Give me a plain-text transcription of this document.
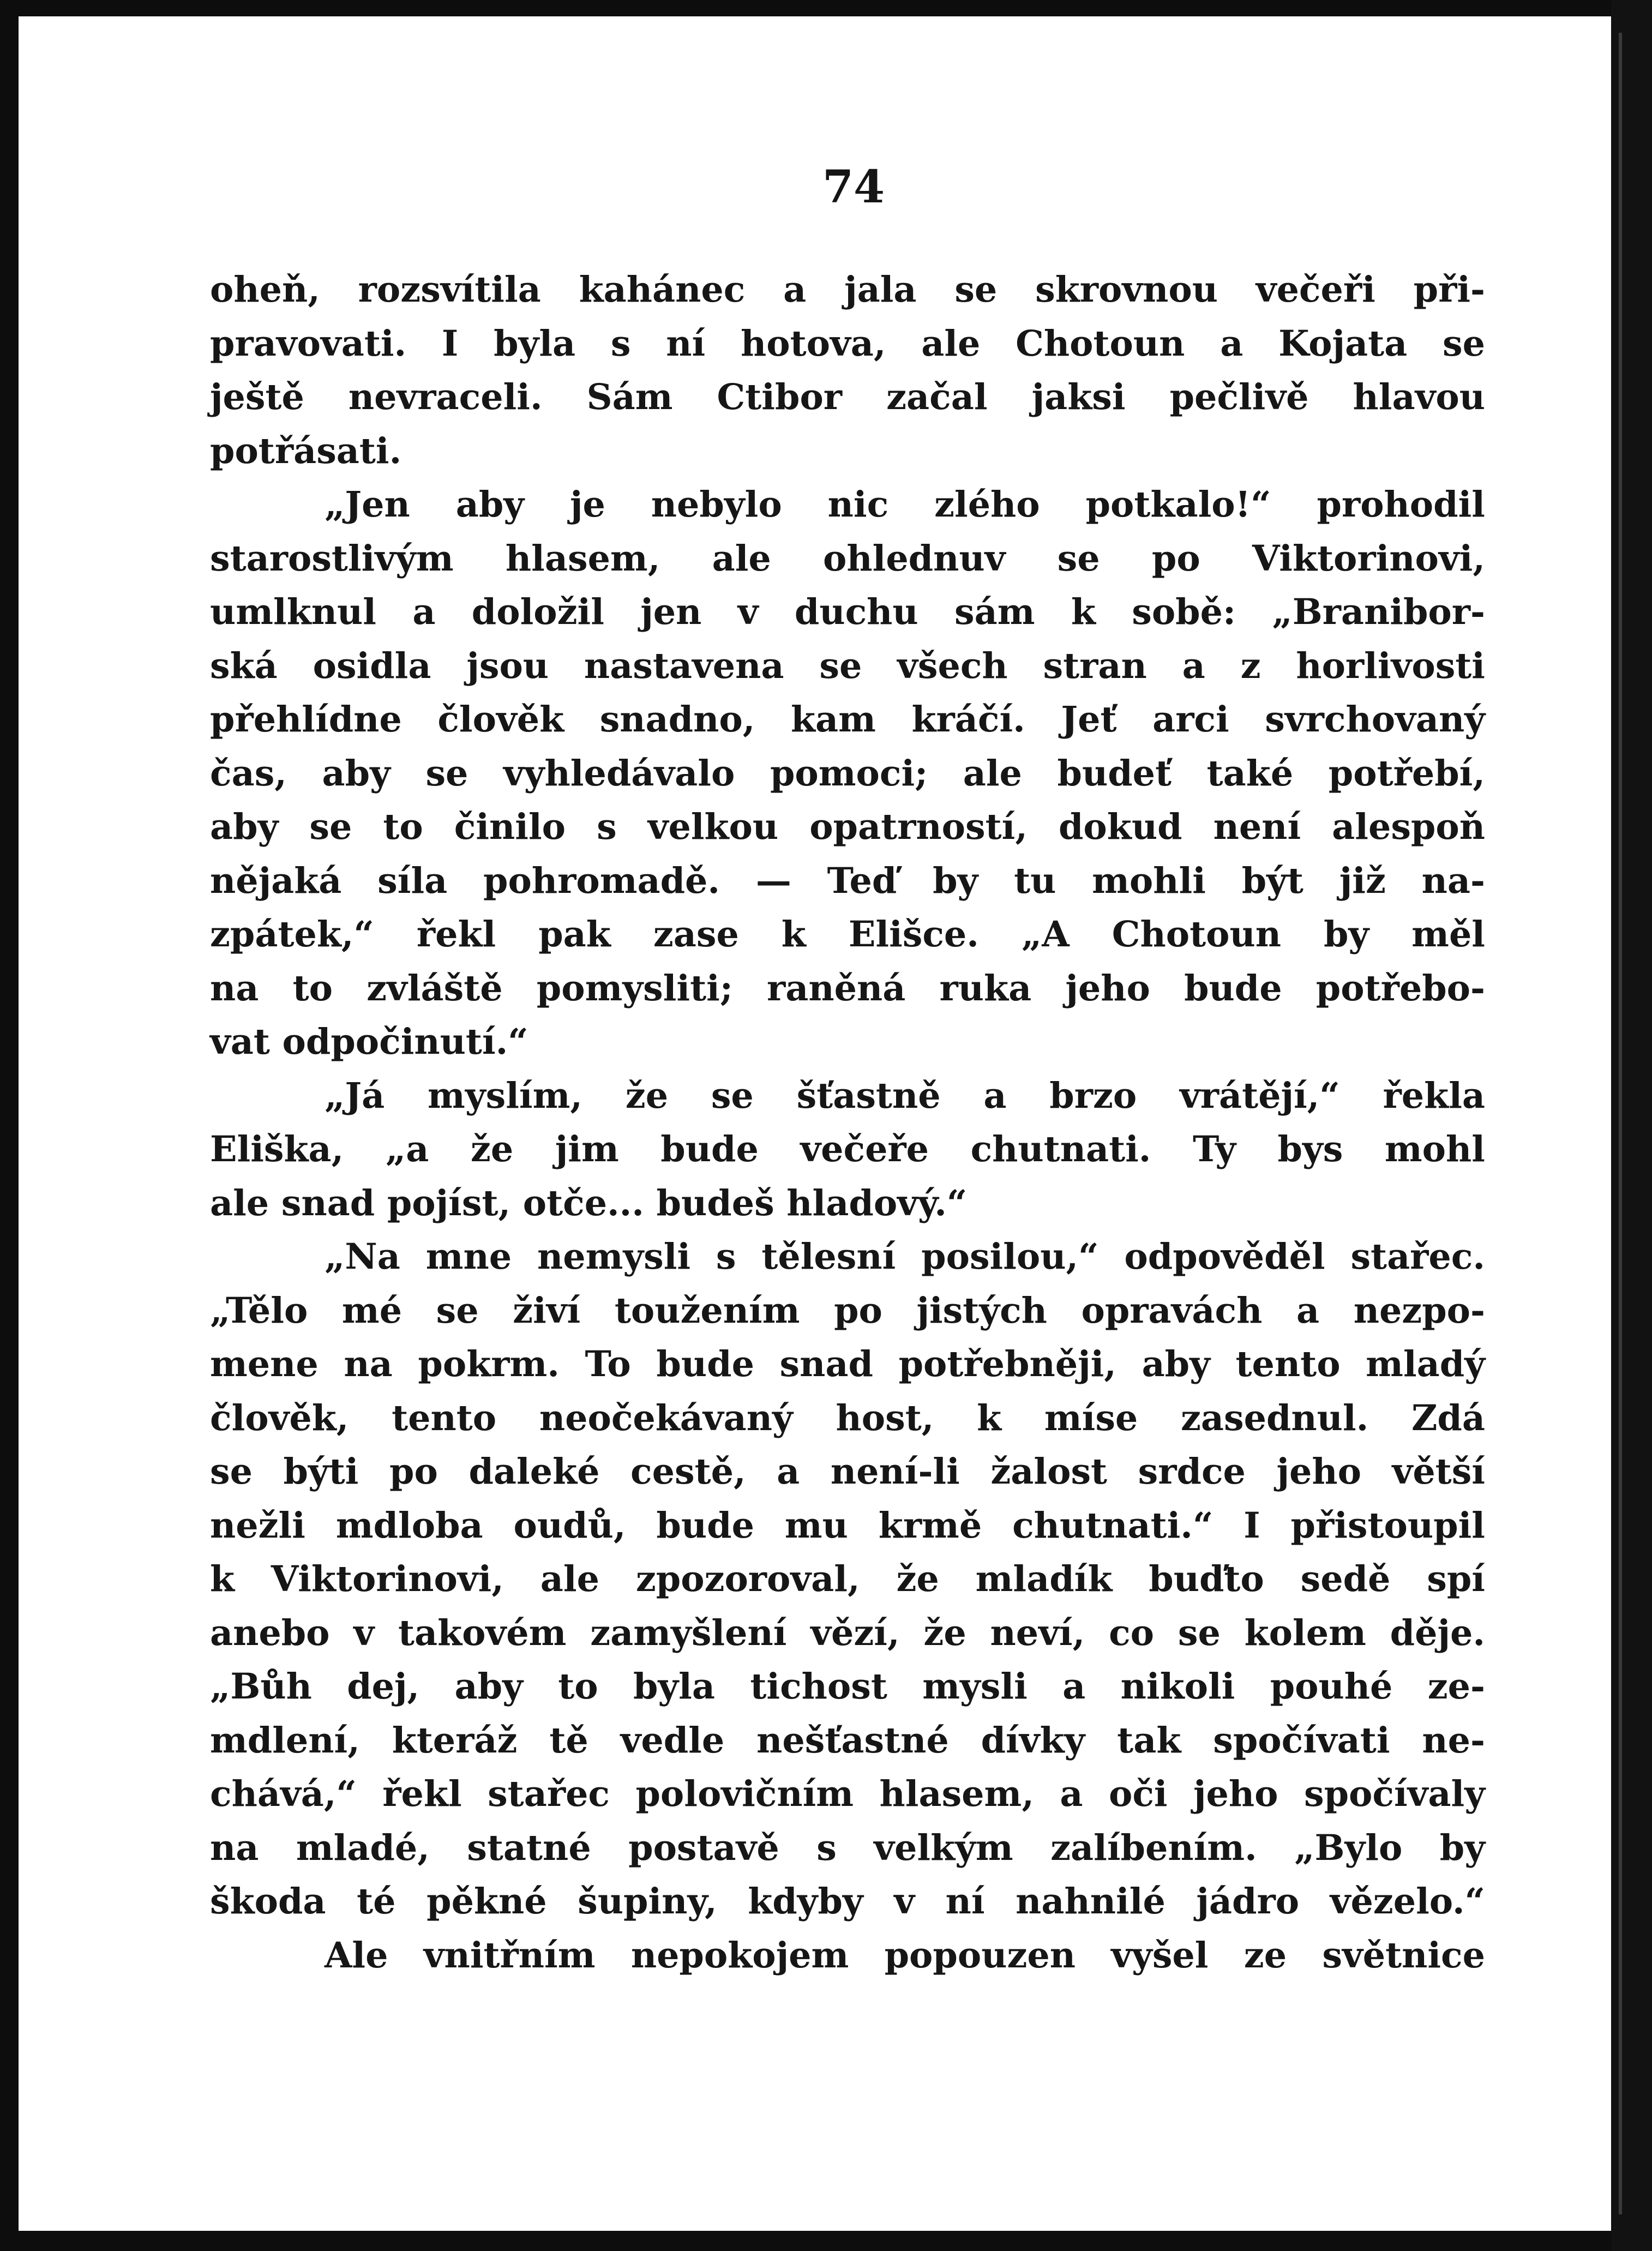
74
oheň, rozsvítila kahánec a jala se skrovnou večeři při-
pravovati. I byla s ní hotova, ale Chotoun a Kojata se
ještě nevraceli. Sám Ctibor začal jaksi pečlivě hlavou
potřásati.
„Jen aby je nebylo nic zlého potkalo!“ prohodil
starostlivým hlasem, ale ohlednuv se po Viktorinovi,
umlknul a doložil jen v duchu sám k sobě: „Branibor-
ská osidla jsou nastavena se všech stran a z horlivosti
přehlídne člověk snadno, kam kráčí. Jeť arci svrchovaný
čas, aby se vyhledávalo pomoci; ale budeť také potřebí,
aby se to činilo s velkou opatrností, dokud není alespoň
nějaká síla pohromadě. — Teď by tu mohli být již na-
zpátek,“ řekl pak zase k Elišce. „A Chotoun by měl
na to zvláště pomysliti; raněná ruka jeho bude potřebo-
vat odpočinutí.“
„Já myslím, že se šťastně a brzo vrátějí,“ řekla
Eliška, „a že jim bude večeře chutnati. Ty bys mohl
ale snad pojíst, otče... budeš hladový.“
„Na mne nemysli s tělesní posilou,“ odpověděl stařec.
„Tělo mé se živí toužením po jistých opravách a nezpo-
mene na pokrm. To bude snad potřebněji, aby tento mladý
člověk, tento neočekávaný host, k míse zasednul. Zdá
se býti po daleké cestě, a není-li žalost srdce jeho větší
nežli mdloba oudů, bude mu krmě chutnati.“ I přistoupil
k Viktorinovi, ale zpozoroval, že mladík buďto sedě spí
anebo v takovém zamyšlení vězí, že neví, co se kolem děje.
„Bůh dej, aby to byla tichost mysli a nikoli pouhé ze-
mdlení, kteráž tě vedle nešťastné dívky tak spočívati ne-
chává,“ řekl stařec polovičním hlasem, a oči jeho spočívaly
na mladé, statné postavě s velkým zalíbením. „Bylo by
škoda té pěkné šupiny, kdyby v ní nahnilé jádro vězelo.“
Ale vnitřním nepokojem popouzen vyšel ze světnice
